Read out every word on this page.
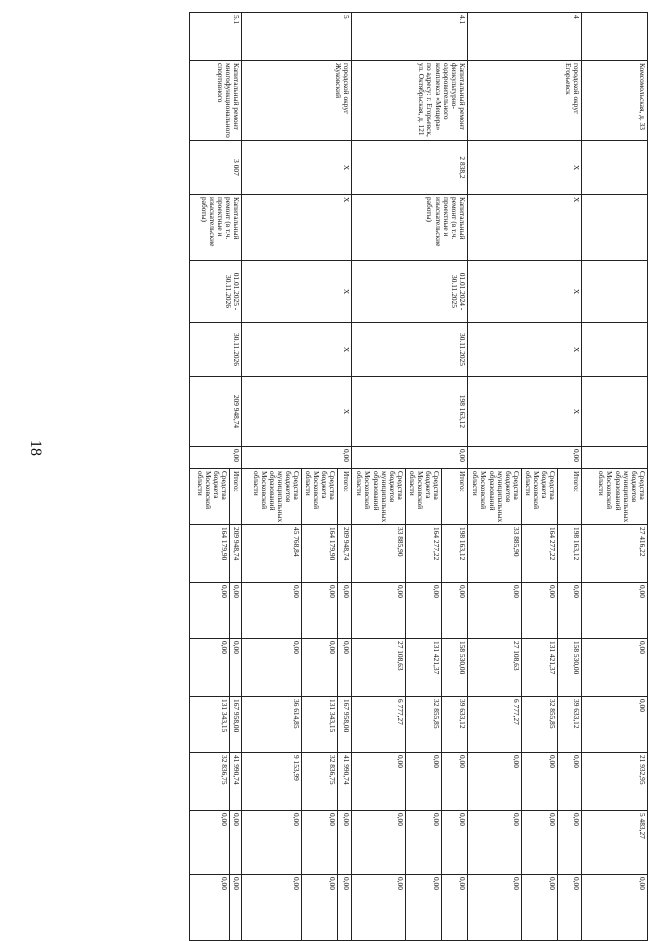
18
	Комсомольская, д. 33							Средства бюджетов муниципальных образований Московской области	27 416,22	0,00	0,00	0,00	21 932,95	5 483,27	0,00
4	городской округ Егорьевск	X	X	X	X	X	0,00	Итого:	198 163,12	0,00	158 530,00	39 633,12	0,00	0,00	0,00
								Средства бюджета Московской области	164 277,22	0,00	131 421,37	32 855,85	0,00	0,00	0,00
								Средства бюджетов муниципальных образований Московской области	33 885,90	0,00	27 108,63	6 777,27	0,00	0,00	0,00
4.1	Капитальный ремонт физкультурно-оздоровительного комплекса «Мещера» по адресу: г. Егорьевск, ул. Октябрьская, д. 121	2 838,2	Капитальный ремонт (в т.ч. проектные и изыскательские работы)	01.01.2024 - 30.11.2025	30.11.2025	198 163,12	0,00	Итого:	198 163,12	0,00	158 530,00	39 633,12	0,00	0,00	0,00
								Средства бюджета Московской области	164 277,22	0,00	131 421,37	32 855,85	0,00	0,00	0,00
								Средства бюджетов муниципальных образований Московской области	33 885,90	0,00	27 108,63	6 777,27	0,00	0,00	0,00
5	городской округ Жуковский	X	X	X	X	X	0,00	Итого:	209 948,74	0,00	0,00	167 958,00	41 990,74	0,00	0,00
								Средства бюджета Московской области	164 179,90	0,00	0,00	131 343,15	32 836,75	0,00	0,00
								Средства бюджетов муниципальных образований Московской области	45 768,84	0,00	0,00	36 614,85	9 153,99	0,00	0,00
5.1	Капитальный ремонт многофункционального спортивного	3 007	Капитальный ремонт (в т.ч. проектные и изыскательские работы)	01.01.2025 - 30.11.2026	30.11.2026	209 948,74	0,00	Итого:	209 948,74	0,00	0,00	167 958,00	41 990,74	0,00	0,00
								Средства бюджета Московской области	164 179,90	0,00	0,00	131 343,15	32 836,75	0,00	0,00
